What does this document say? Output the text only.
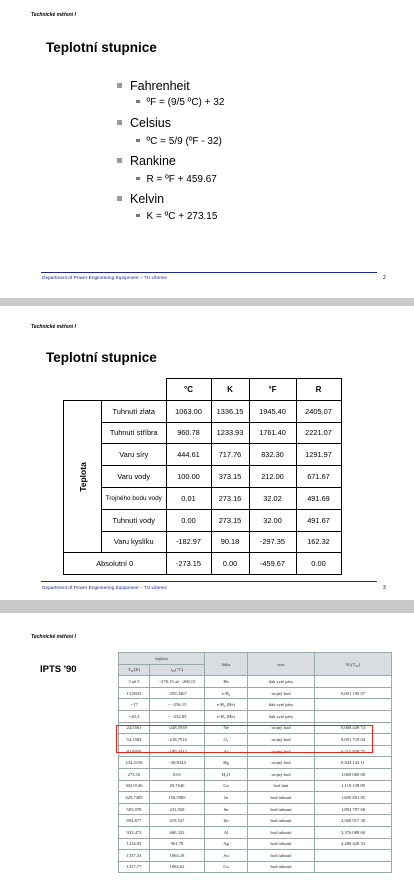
Technické měření I
Teplotní stupnice
Fahrenheit
ºF = (9/5 ºC) + 32
Celsius
ºC = 5/9 (ºF - 32)
Rankine
R = ºF + 459.67
Kelvin
K = ºC + 273.15
Department of Power Engineering Equipment – TU Liberec	2
Technické měření I
Teplotní stupnice
		°C	K	°F	R
Teplota	Tuhnutí zlata	1063.00	1336.15	1945.40	2405.07
	Tuhnutí stříbra	960.78	1233.93	1761.40	2221.07
	Varu síry	444.61	717.76	832.30	1291.97
	Varu vody	100.00	373.15	212.00	671.67
	Trojného bodu vody	0.01	273.16	32.02	491.69
	Tuhnutí vody	0.00	273.15	32.00	491.67
	Varu kyslíku	-182.97	90.18	-297.35	162.32
Absolutní 0		-273.15	0.00	-459.67	0.00
Department of Power Engineering Equipment – TU Liberec	3
Technické měření I
IPTS '90
teplota		látka	stav	Wᵣ(T₉₀)
T₉₀(K)	t₉₀(°C)			
3 až 5	−270,15 až −268,15	He	tlak syté páry	
13,8033	−259,3467	e-H₂	trojný bod	0,001 190 07
~17	~ −256,15	e-H₂ (He)	tlak syté páry	
~20,3	~ −252,85	e-H₂ (He)	tlak syté páry	
24,5561	−248,5939	Ne	trojný bod	0,008 449 74
54,3584	−218,7916	O₂	trojný bod	0,091 718 04
83,8058	−189,3442	Ar	trojný bod	0,215 859 75
234,3156	−38,8344	Hg	trojný bod	0,844 142 11
273,16	0,01	H₂O	trojný bod	1,000 000 00
302,9146	29,7646	Ga	bod tání	1,118 138 89
429,7485	156,5985	In	bod tuhnutí	1,609 801 85
505,078	231,928	Sn	bod tuhnutí	1,892 797 68
692,677	419,527	Zn	bod tuhnutí	2,568 917 30
933,473	660,323	Al	bod tuhnutí	3,376 008 60
1234,93	961,78	Ag	bod tuhnutí	4,286 420 53
1337,33	1064,18	Au	bod tuhnutí	
1357,77	1084,62	Cu	bod tuhnutí	
